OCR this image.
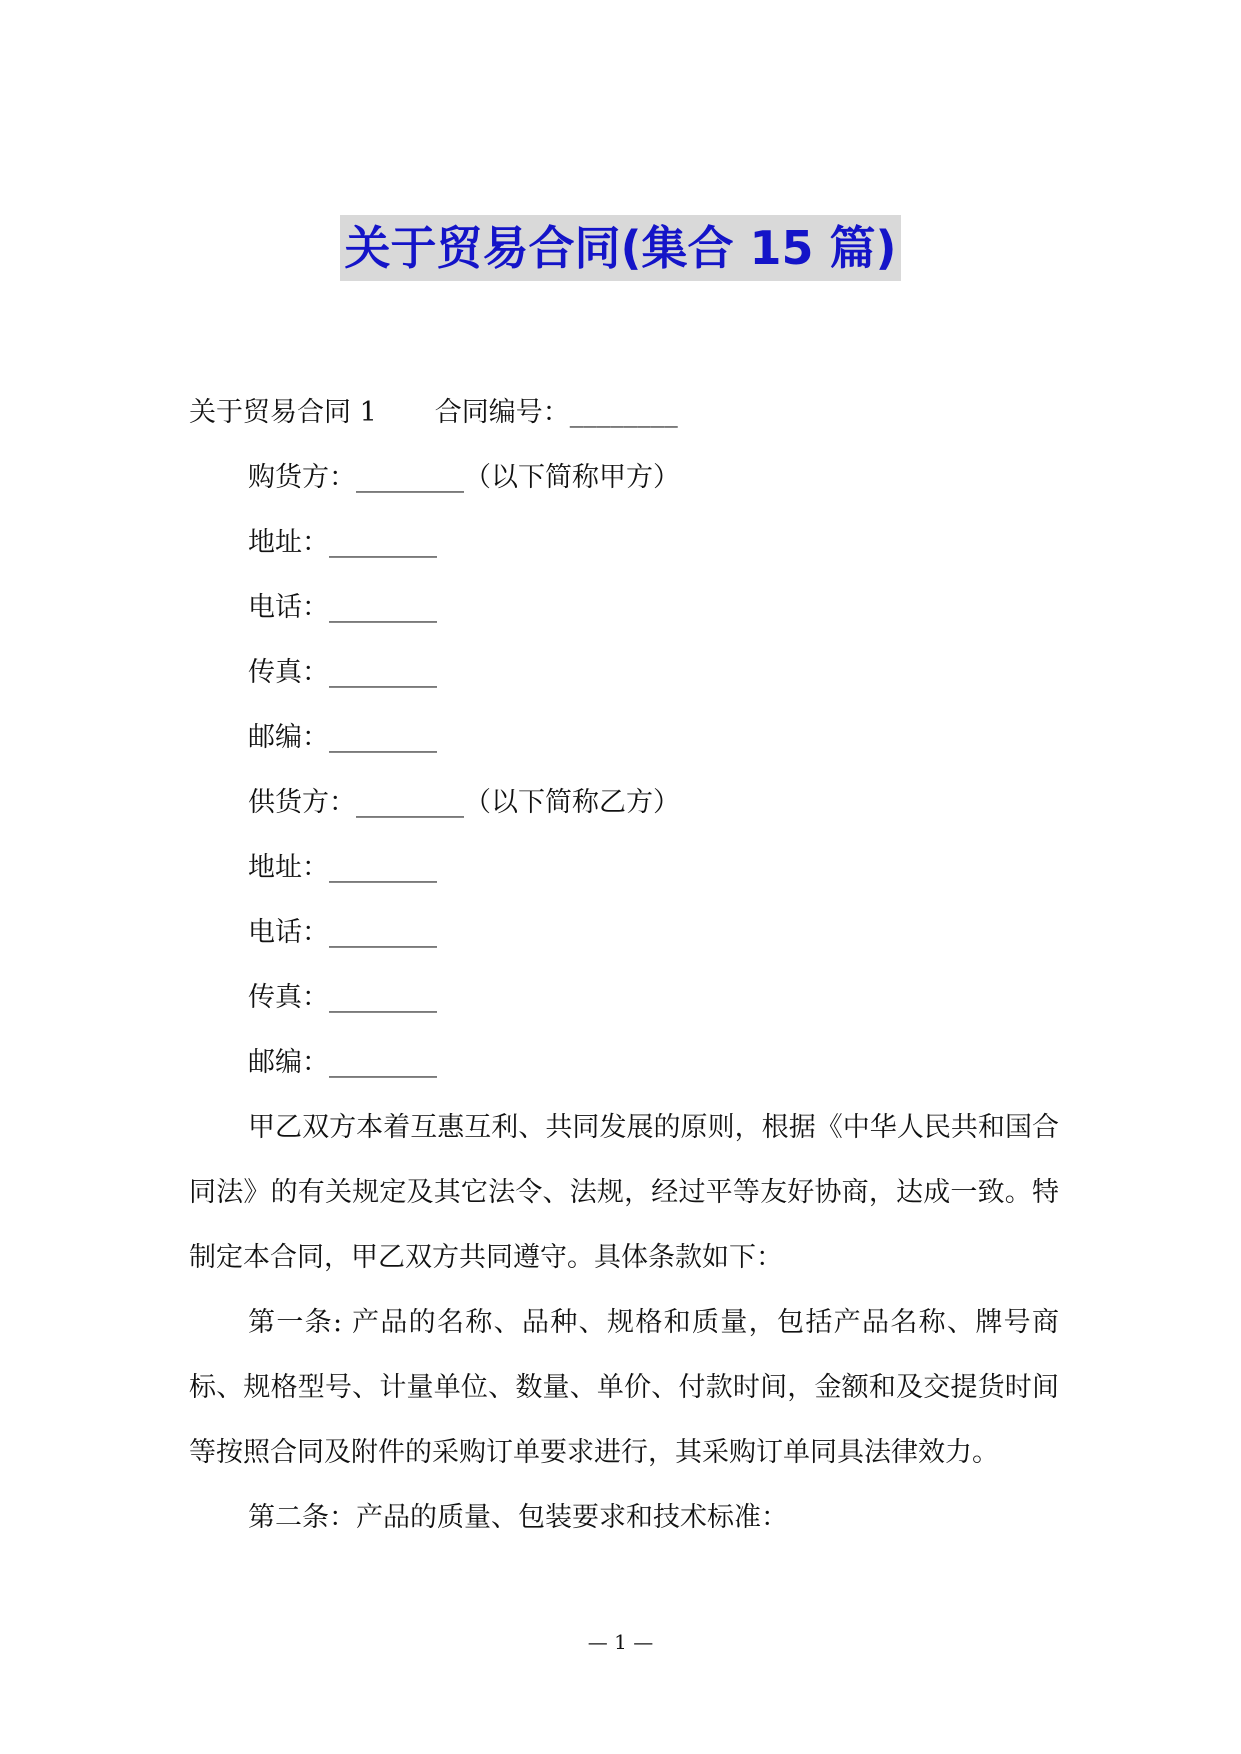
关于贸易合同(集合 15 篇)
关于贸易合同 1 合同编号：________
购货方：________（以下简称甲方）
地址：________
电话：________
传真：________
邮编：________
供货方：________（以下简称乙方）
地址：________
电话：________
传真：________
邮编：________
甲乙双方本着互惠互利、共同发展的原则，根据《中华人民共和国合同法》的有关规定及其它法令、法规，经过平等友好协商，达成一致。特制定本合同，甲乙双方共同遵守。具体条款如下：
第一条: 产品的名称、品种、规格和质量，包括产品名称、牌号商标、规格型号、计量单位、数量、单价、付款时间，金额和及交提货时间等按照合同及附件的采购订单要求进行，其采购订单同具法律效力。
第二条：产品的质量、包装要求和技术标准：
— 1 —
